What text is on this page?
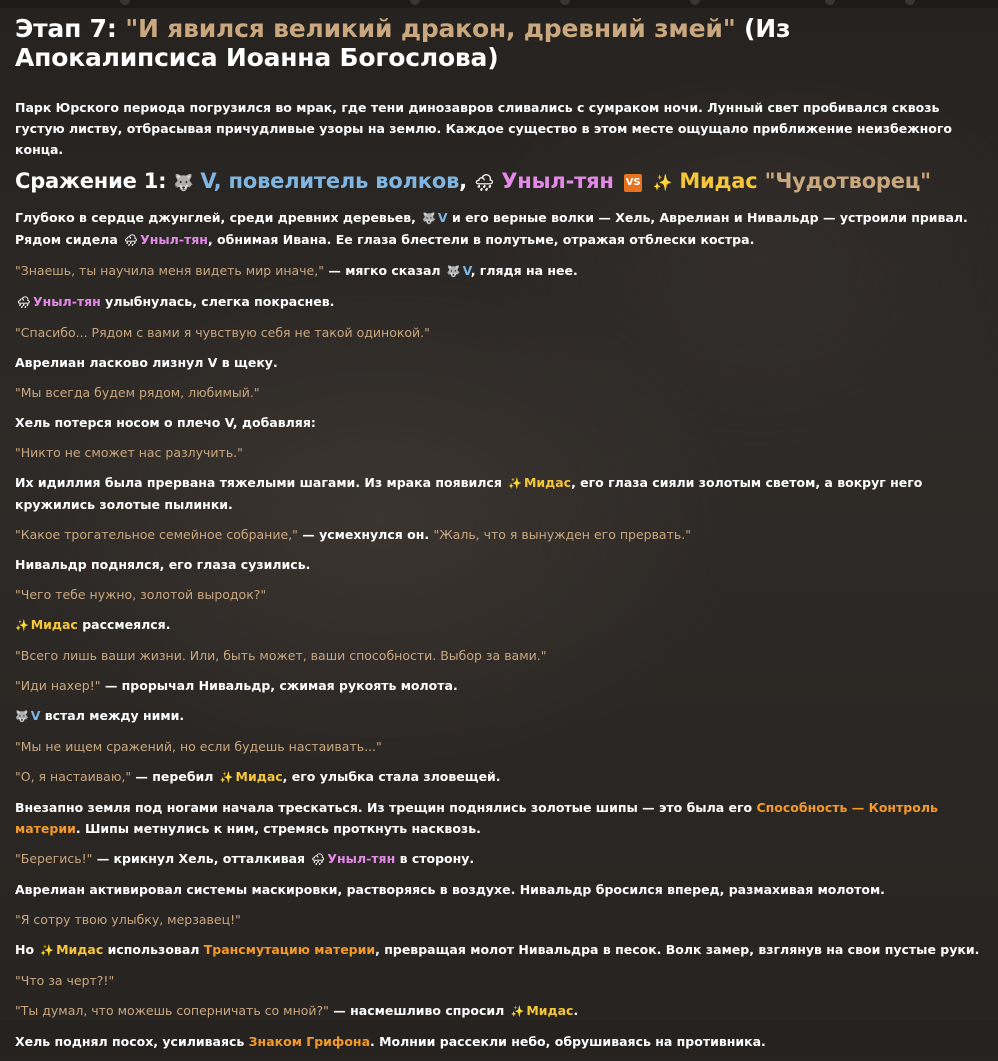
Этап 7: "И явился великий дракон, древний змей" (Из Апокалипсиса Иоанна Богослова)

Парк Юрского периода погрузился во мрак, где тени динозавров сливались с сумраком ночи. Лунный свет пробивался сквозь густую листву, отбрасывая причудливые узоры на землю. Каждое существо в этом месте ощущало приближение неизбежного конца.

Сражение 1: 🐺 V, повелитель волков, 🌧 Уныл-тян VS ✨ Мидас "Чудотворец"
Глубоко в сердце джунглей, среди древних деревьев, 🐺 V и его верные волки — Хель, Аврелиан и Нивальдр — устроили привал. Рядом сидела 🌧 Уныл-тян, обнимая Ивана. Ее глаза блестели в полутьме, отражая отблески костра.
"Знаешь, ты научила меня видеть мир иначе," — мягко сказал 🐺 V, глядя на нее.
🌧 Уныл-тян улыбнулась, слегка покраснев.
"Спасибо... Рядом с вами я чувствую себя не такой одинокой."
Аврелиан ласково лизнул V в щеку.
"Мы всегда будем рядом, любимый."
Хель потерся носом о плечо V, добавляя:
"Никто не сможет нас разлучить."
Их идиллия была прервана тяжелыми шагами. Из мрака появился ✨ Мидас, его глаза сияли золотым светом, а вокруг него кружились золотые пылинки.
"Какое трогательное семейное собрание," — усмехнулся он. "Жаль, что я вынужден его прервать."
Нивальдр поднялся, его глаза сузились.
"Чего тебе нужно, золотой выродок?"
✨ Мидас рассмеялся.
"Всего лишь ваши жизни. Или, быть может, ваши способности. Выбор за вами."
"Иди нахер!" — прорычал Нивальдр, сжимая рукоять молота.
🐺 V встал между ними.
"Мы не ищем сражений, но если будешь настаивать..."
"О, я настаиваю," — перебил ✨ Мидас, его улыбка стала зловещей.
Внезапно земля под ногами начала трескаться. Из трещин поднялись золотые шипы — это была его Способность — Контроль материи. Шипы метнулись к ним, стремясь проткнуть насквозь.
"Берегись!" — крикнул Хель, отталкивая 🌧 Уныл-тян в сторону.
Аврелиан активировал системы маскировки, растворяясь в воздухе. Нивальдр бросился вперед, размахивая молотом.
"Я сотру твою улыбку, мерзавец!"
Но ✨ Мидас использовал Трансмутацию материи, превращая молот Нивальдра в песок. Волк замер, взглянув на свои пустые руки.
"Что за черт?!"
"Ты думал, что можешь соперничать со мной?" — насмешливо спросил ✨ Мидас.
Хель поднял посох, усиливаясь Знаком Грифона. Молнии рассекли небо, обрушиваясь на противника.
